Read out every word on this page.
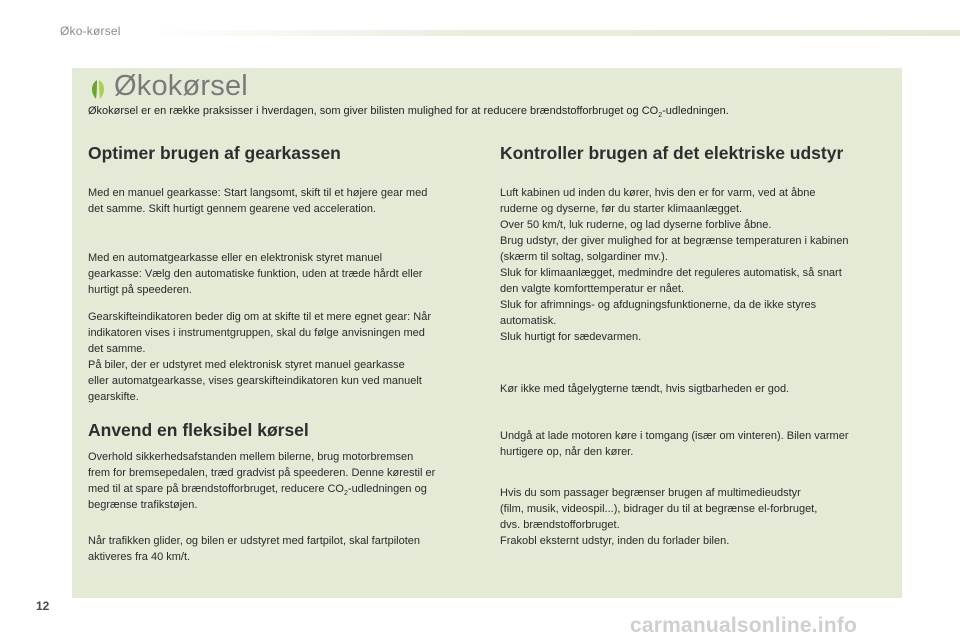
Øko-kørsel
Økokørsel
Økokørsel er en række praksisser i hverdagen, som giver bilisten mulighed for at reducere brændstofforbruget og $CO_2$-udledningen.
Optimer brugen af gearkassen

Med en manuel gearkasse: Start langsomt, skift til et højere gear med
det samme. Skift hurtigt gennem gearene ved acceleration.

Med en automatgearkasse eller en elektronisk styret manuel
gearkasse: Vælg den automatiske funktion, uden at træde hårdt eller
hurtigt på speederen.

Gearskifteindikatoren beder dig om at skifte til et mere egnet gear: Når
indikatoren vises i instrumentgruppen, skal du følge anvisningen med
det samme.
På biler, der er udstyret med elektronisk styret manuel gearkasse
eller automatgearkasse, vises gearskifteindikatoren kun ved manuelt
gearskifte.

Anvend en fleksibel kørsel

Overhold sikkerhedsafstanden mellem bilerne, brug motorbremsen
frem for bremsepedalen, træd gradvist på speederen. Denne kørestil er
med til at spare på brændstofforbruget, reducere $CO_2$-udledningen og
begrænse trafikstøjen.

Når trafikken glider, og bilen er udstyret med fartpilot, skal fartpiloten
aktiveres fra 40 km/t.

Kontroller brugen af det elektriske udstyr

Luft kabinen ud inden du kører, hvis den er for varm, ved at åbne
ruderne og dyserne, før du starter klimaanlægget.
Over 50 km/t, luk ruderne, og lad dyserne forblive åbne.
Brug udstyr, der giver mulighed for at begrænse temperaturen i kabinen
(skærm til soltag, solgardiner mv.).
Sluk for klimaanlægget, medmindre det reguleres automatisk, så snart
den valgte komforttemperatur er nået.
Sluk for afrimnings- og afdugningsfunktionerne, da de ikke styres
automatisk.
Sluk hurtigt for sædevarmen.

Kør ikke med tågelygterne tændt, hvis sigtbarheden er god.

Undgå at lade motoren køre i tomgang (især om vinteren). Bilen varmer
hurtigere op, når den kører.

Hvis du som passager begrænser brugen af multimedieudstyr
(film, musik, videospil...), bidrager du til at begrænse el-forbruget,
dvs. brændstofforbruget.
Frakobl eksternt udstyr, inden du forlader bilen.

12
carmanualsonline.info
